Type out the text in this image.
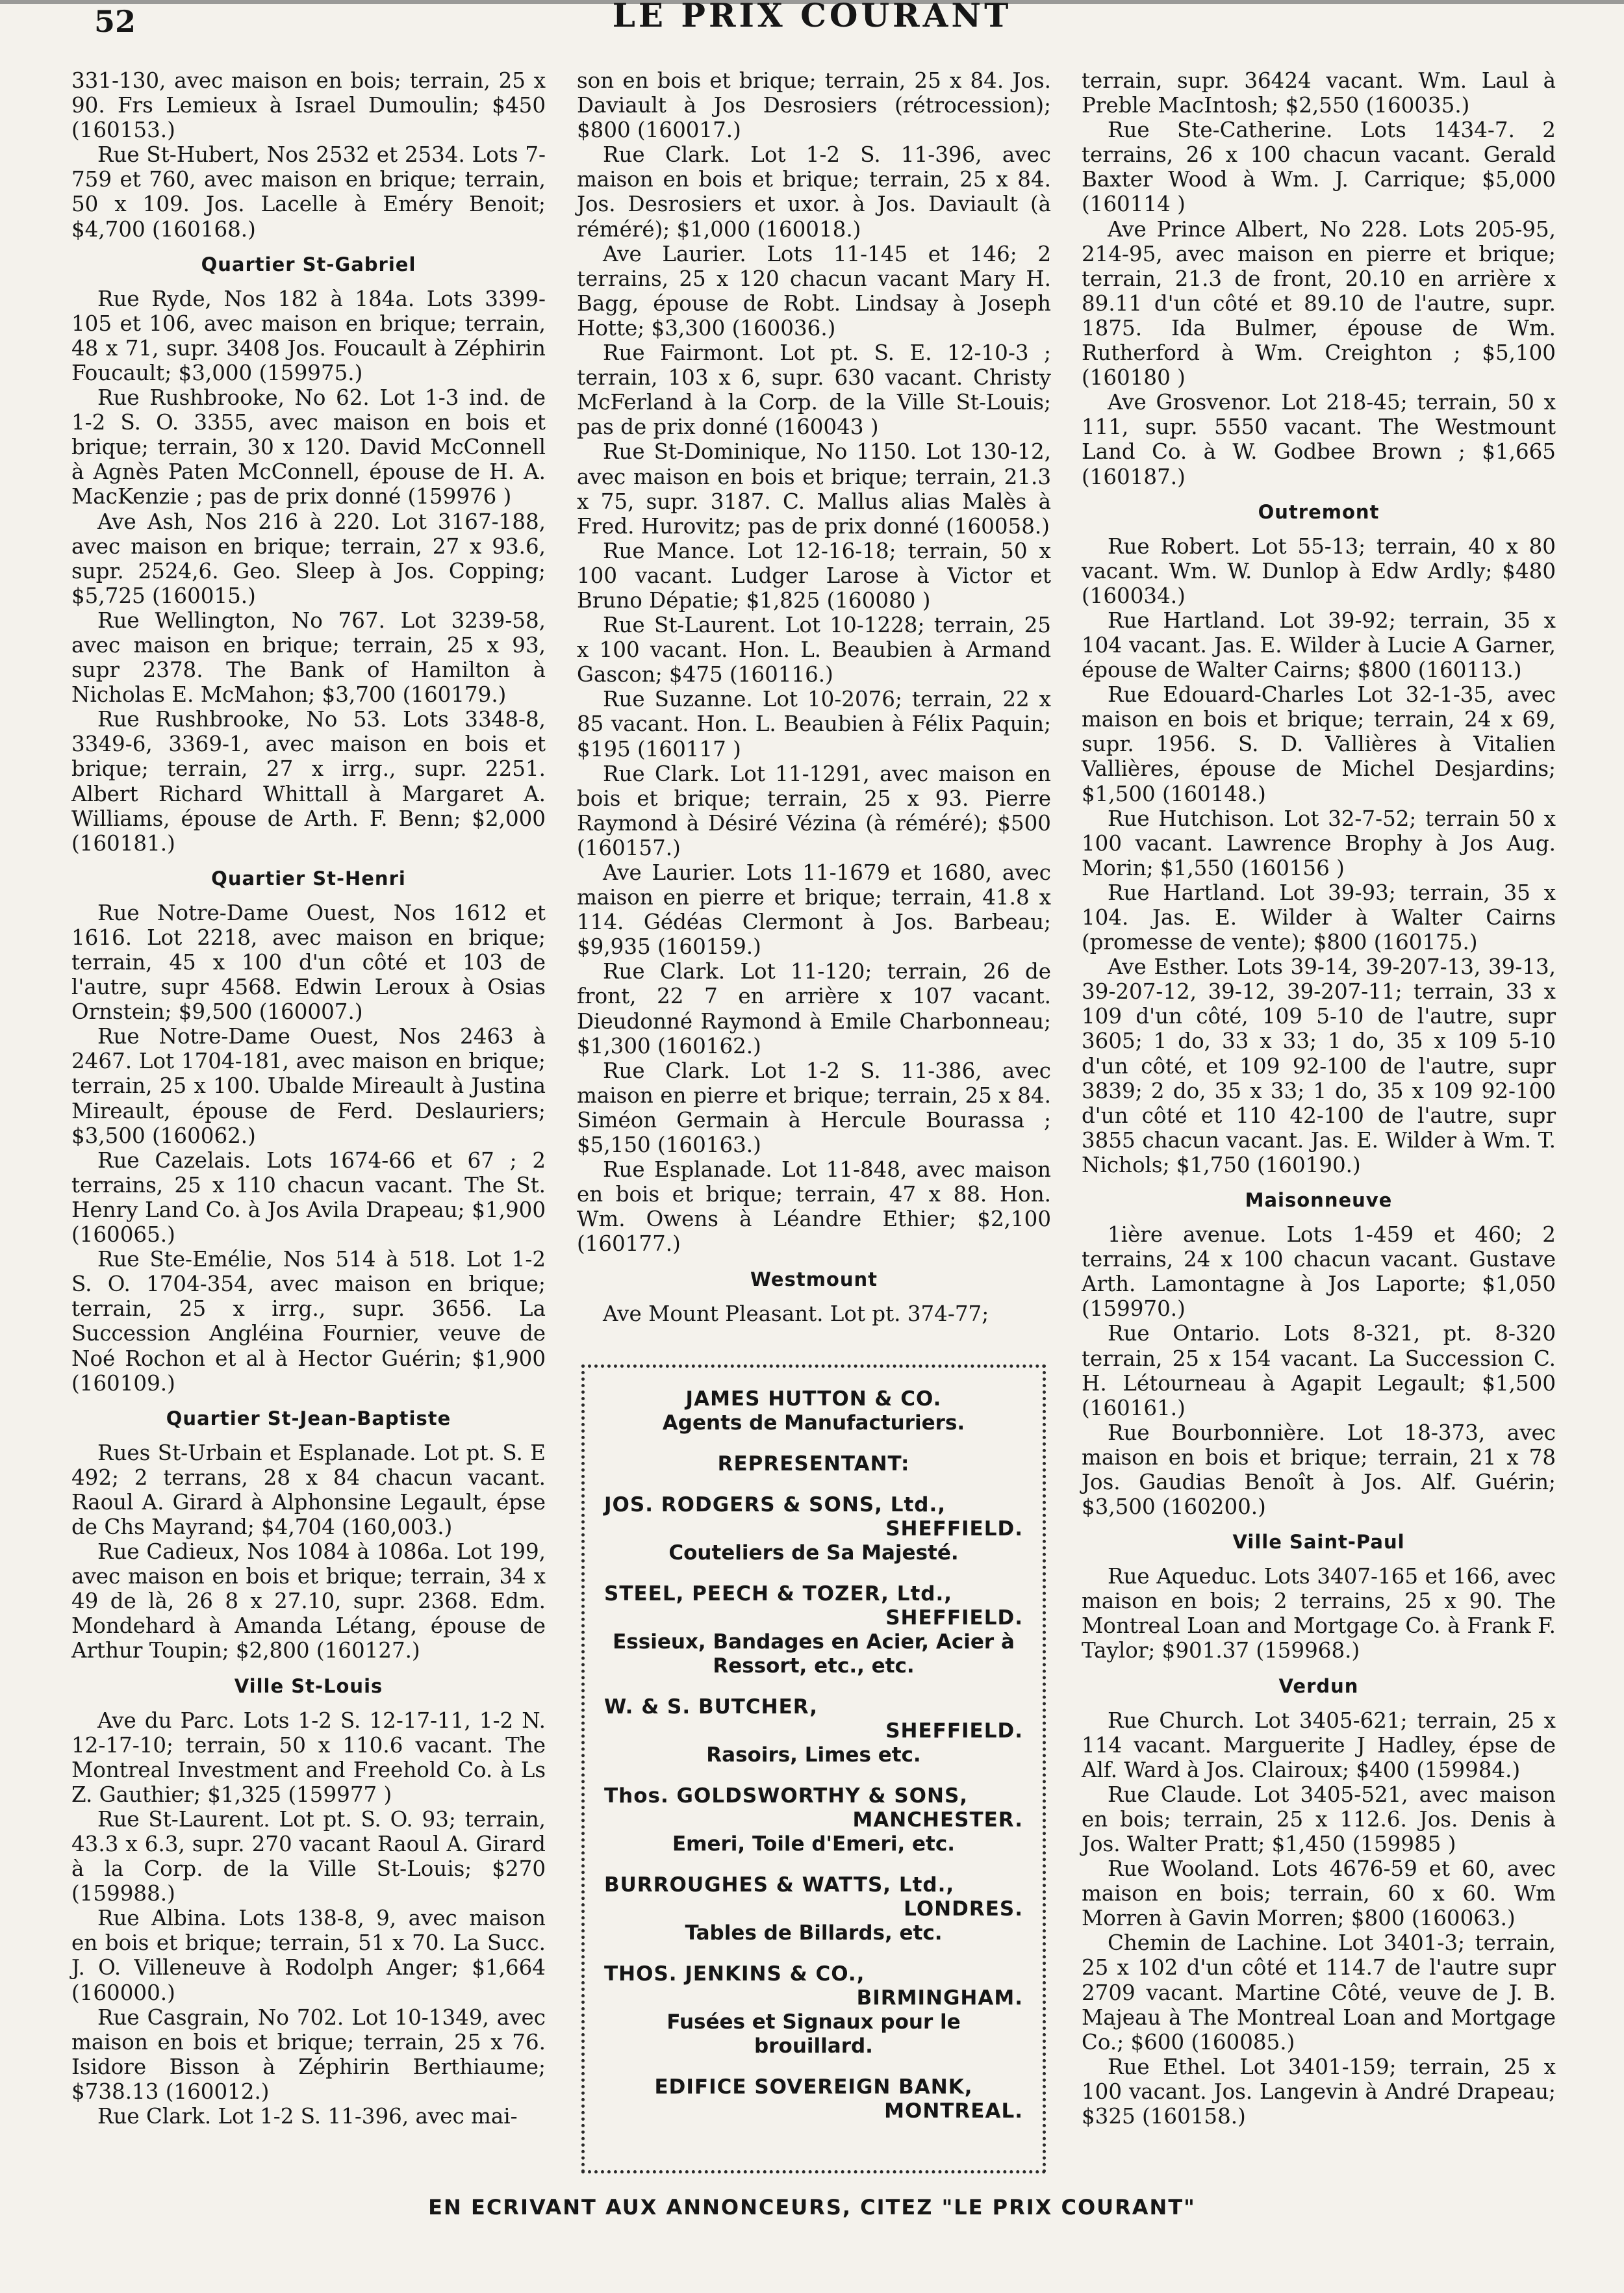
52	LE PRIX COURANT
331-130, avec maison en bois; terrain, 25 x 90. Frs Lemieux à Israel Dumoulin; $450 (160153.)
Rue St-Hubert, Nos 2532 et 2534. Lots 7-759 et 760, avec maison en brique; terrain, 50 x 109. Jos. Lacelle à Eméry Benoit; $4,700 (160168.)
Quartier St-Gabriel
Rue Ryde, Nos 182 à 184a. Lots 3399-105 et 106, avec maison en brique; terrain, 48 x 71, supr. 3408 Jos. Foucault à Zéphirin Foucault; $3,000 (159975.)
Rue Rushbrooke, No 62. Lot 1-3 ind. de 1-2 S. O. 3355, avec maison en bois et brique; terrain, 30 x 120. David McConnell à Agnès Paten McConnell, épouse de H. A. MacKenzie ; pas de prix donné (159976 )
Ave Ash, Nos 216 à 220. Lot 3167-188, avec maison en brique; terrain, 27 x 93.6, supr. 2524,6. Geo. Sleep à Jos. Copping; $5,725 (160015.)
Rue Wellington, No 767. Lot 3239-58, avec maison en brique; terrain, 25 x 93, supr 2378. The Bank of Hamilton à Nicholas E. McMahon; $3,700 (160179.)
Rue Rushbrooke, No 53. Lots 3348-8, 3349-6, 3369-1, avec maison en bois et brique; terrain, 27 x irrg., supr. 2251. Albert Richard Whittall à Margaret A. Williams, épouse de Arth. F. Benn; $2,000 (160181.)
Quartier St-Henri
Rue Notre-Dame Ouest, Nos 1612 et 1616. Lot 2218, avec maison en brique; terrain, 45 x 100 d'un côté et 103 de l'autre, supr 4568. Edwin Leroux à Osias Ornstein; $9,500 (160007.)
Rue Notre-Dame Ouest, Nos 2463 à 2467. Lot 1704-181, avec maison en brique; terrain, 25 x 100. Ubalde Mireault à Justina Mireault, épouse de Ferd. Deslauriers; $3,500 (160062.)
Rue Cazelais. Lots 1674-66 et 67 ; 2 terrains, 25 x 110 chacun vacant. The St. Henry Land Co. à Jos Avila Drapeau; $1,900 (160065.)
Rue Ste-Emélie, Nos 514 à 518. Lot 1-2 S. O. 1704-354, avec maison en brique; terrain, 25 x irrg., supr. 3656. La Succession Angléina Fournier, veuve de Noé Rochon et al à Hector Guérin; $1,900 (160109.)
Quartier St-Jean-Baptiste
Rues St-Urbain et Esplanade. Lot pt. S. E 492; 2 terrans, 28 x 84 chacun vacant. Raoul A. Girard à Alphonsine Legault, épse de Chs Mayrand; $4,704 (160,003.)
Rue Cadieux, Nos 1084 à 1086a. Lot 199, avec maison en bois et brique; terrain, 34 x 49 de là, 26 8 x 27.10, supr. 2368. Edm. Mondehard à Amanda Létang, épouse de Arthur Toupin; $2,800 (160127.)
Ville St-Louis
Ave du Parc. Lots 1-2 S. 12-17-11, 1-2 N. 12-17-10; terrain, 50 x 110.6 vacant. The Montreal Investment and Freehold Co. à Ls Z. Gauthier; $1,325 (159977 )
Rue St-Laurent. Lot pt. S. O. 93; terrain, 43.3 x 6.3, supr. 270 vacant Raoul A. Girard à la Corp. de la Ville St-Louis; $270 (159988.)
Rue Albina. Lots 138-8, 9, avec maison en bois et brique; terrain, 51 x 70. La Succ. J. O. Villeneuve à Rodolph Anger; $1,664 (160000.)
Rue Casgrain, No 702. Lot 10-1349, avec maison en bois et brique; terrain, 25 x 76. Isidore Bisson à Zéphirin Berthiaume; $738.13 (160012.)
Rue Clark. Lot 1-2 S. 11-396, avec mai-
son en bois et brique; terrain, 25 x 84. Jos. Daviault à Jos Desrosiers (rétrocession); $800 (160017.)
Rue Clark. Lot 1-2 S. 11-396, avec maison en bois et brique; terrain, 25 x 84. Jos. Desrosiers et uxor. à Jos. Daviault (à réméré); $1,000 (160018.)
Ave Laurier. Lots 11-145 et 146; 2 terrains, 25 x 120 chacun vacant Mary H. Bagg, épouse de Robt. Lindsay à Joseph Hotte; $3,300 (160036.)
Rue Fairmont. Lot pt. S. E. 12-10-3 ; terrain, 103 x 6, supr. 630 vacant. Christy McFerland à la Corp. de la Ville St-Louis; pas de prix donné (160043 )
Rue St-Dominique, No 1150. Lot 130-12, avec maison en bois et brique; terrain, 21.3 x 75, supr. 3187. C. Mallus alias Malès à Fred. Hurovitz; pas de prix donné (160058.)
Rue Mance. Lot 12-16-18; terrain, 50 x 100 vacant. Ludger Larose à Victor et Bruno Dépatie; $1,825 (160080 )
Rue St-Laurent. Lot 10-1228; terrain, 25 x 100 vacant. Hon. L. Beaubien à Armand Gascon; $475 (160116.)
Rue Suzanne. Lot 10-2076; terrain, 22 x 85 vacant. Hon. L. Beaubien à Félix Paquin; $195 (160117 )
Rue Clark. Lot 11-1291, avec maison en bois et brique; terrain, 25 x 93. Pierre Raymond à Désiré Vézina (à réméré); $500 (160157.)
Ave Laurier. Lots 11-1679 et 1680, avec maison en pierre et brique; terrain, 41.8 x 114. Gédéas Clermont à Jos. Barbeau; $9,935 (160159.)
Rue Clark. Lot 11-120; terrain, 26 de front, 22 7 en arrière x 107 vacant. Dieudonné Raymond à Emile Charbonneau; $1,300 (160162.)
Rue Clark. Lot 1-2 S. 11-386, avec maison en pierre et brique; terrain, 25 x 84. Siméon Germain à Hercule Bourassa ; $5,150 (160163.)
Rue Esplanade. Lot 11-848, avec maison en bois et brique; terrain, 47 x 88. Hon. Wm. Owens à Léandre Ethier; $2,100 (160177.)
Westmount
Ave Mount Pleasant. Lot pt. 374-77;
terrain, supr. 36424 vacant. Wm. Laul à Preble MacIntosh; $2,550 (160035.)
Rue Ste-Catherine. Lots 1434-7. 2 terrains, 26 x 100 chacun vacant. Gerald Baxter Wood à Wm. J. Carrique; $5,000 (160114 )
Ave Prince Albert, No 228. Lots 205-95, 214-95, avec maison en pierre et brique; terrain, 21.3 de front, 20.10 en arrière x 89.11 d'un côté et 89.10 de l'autre, supr. 1875. Ida Bulmer, épouse de Wm. Rutherford à Wm. Creighton ; $5,100 (160180 )
Ave Grosvenor. Lot 218-45; terrain, 50 x 111, supr. 5550 vacant. The Westmount Land Co. à W. Godbee Brown ; $1,665 (160187.)
Outremont
Rue Robert. Lot 55-13; terrain, 40 x 80 vacant. Wm. W. Dunlop à Edw Ardly; $480 (160034.)
Rue Hartland. Lot 39-92; terrain, 35 x 104 vacant. Jas. E. Wilder à Lucie A Garner, épouse de Walter Cairns; $800 (160113.)
Rue Edouard-Charles Lot 32-1-35, avec maison en bois et brique; terrain, 24 x 69, supr. 1956. S. D. Vallières à Vitalien Vallières, épouse de Michel Desjardins; $1,500 (160148.)
Rue Hutchison. Lot 32-7-52; terrain 50 x 100 vacant. Lawrence Brophy à Jos Aug. Morin; $1,550 (160156 )
Rue Hartland. Lot 39-93; terrain, 35 x 104. Jas. E. Wilder à Walter Cairns (promesse de vente); $800 (160175.)
Ave Esther. Lots 39-14, 39-207-13, 39-13, 39-207-12, 39-12, 39-207-11; terrain, 33 x 109 d'un côté, 109 5-10 de l'autre, supr 3605; 1 do, 33 x 33; 1 do, 35 x 109 5-10 d'un côté, et 109 92-100 de l'autre, supr 3839; 2 do, 35 x 33; 1 do, 35 x 109 92-100 d'un côté et 110 42-100 de l'autre, supr 3855 chacun vacant. Jas. E. Wilder à Wm. T. Nichols; $1,750 (160190.)
Maisonneuve
1ière avenue. Lots 1-459 et 460; 2 terrains, 24 x 100 chacun vacant. Gustave Arth. Lamontagne à Jos Laporte; $1,050 (159970.)
Rue Ontario. Lots 8-321, pt. 8-320 terrain, 25 x 154 vacant. La Succession C. H. Létourneau à Agapit Legault; $1,500 (160161.)
Rue Bourbonnière. Lot 18-373, avec maison en bois et brique; terrain, 21 x 78 Jos. Gaudias Benoît à Jos. Alf. Guérin; $3,500 (160200.)
Ville Saint-Paul
Rue Aqueduc. Lots 3407-165 et 166, avec maison en bois; 2 terrains, 25 x 90. The Montreal Loan and Mortgage Co. à Frank F. Taylor; $901.37 (159968.)
Verdun
Rue Church. Lot 3405-621; terrain, 25 x 114 vacant. Marguerite J Hadley, épse de Alf. Ward à Jos. Clairoux; $400 (159984.)
Rue Claude. Lot 3405-521, avec maison en bois; terrain, 25 x 112.6. Jos. Denis à Jos. Walter Pratt; $1,450 (159985 )
Rue Wooland. Lots 4676-59 et 60, avec maison en bois; terrain, 60 x 60. Wm Morren à Gavin Morren; $800 (160063.)
Chemin de Lachine. Lot 3401-3; terrain, 25 x 102 d'un côté et 114.7 de l'autre supr 2709 vacant. Martine Côté, veuve de J. B. Majeau à The Montreal Loan and Mortgage Co.; $600 (160085.)
Rue Ethel. Lot 3401-159; terrain, 25 x 100 vacant. Jos. Langevin à André Drapeau; $325 (160158.)
JAMES HUTTON & CO.
Agents de Manufacturiers.
REPRESENTANT:
JOS. RODGERS & SONS, Ltd.,
SHEFFIELD.
Couteliers de Sa Majesté.
STEEL, PEECH & TOZER, Ltd.,
SHEFFIELD.
Essieux, Bandages en Acier, Acier à Ressort, etc., etc.
W. & S. BUTCHER,
SHEFFIELD.
Rasoirs, Limes etc.
Thos. GOLDSWORTHY & SONS,
MANCHESTER.
Emeri, Toile d'Emeri, etc.
BURROUGHES & WATTS, Ltd.,
LONDRES.
Tables de Billards, etc.
THOS. JENKINS & CO.,
BIRMINGHAM.
Fusées et Signaux pour le brouillard.
EDIFICE SOVEREIGN BANK,
MONTREAL.
EN ECRIVANT AUX ANNONCEURS, CITEZ "LE PRIX COURANT"
